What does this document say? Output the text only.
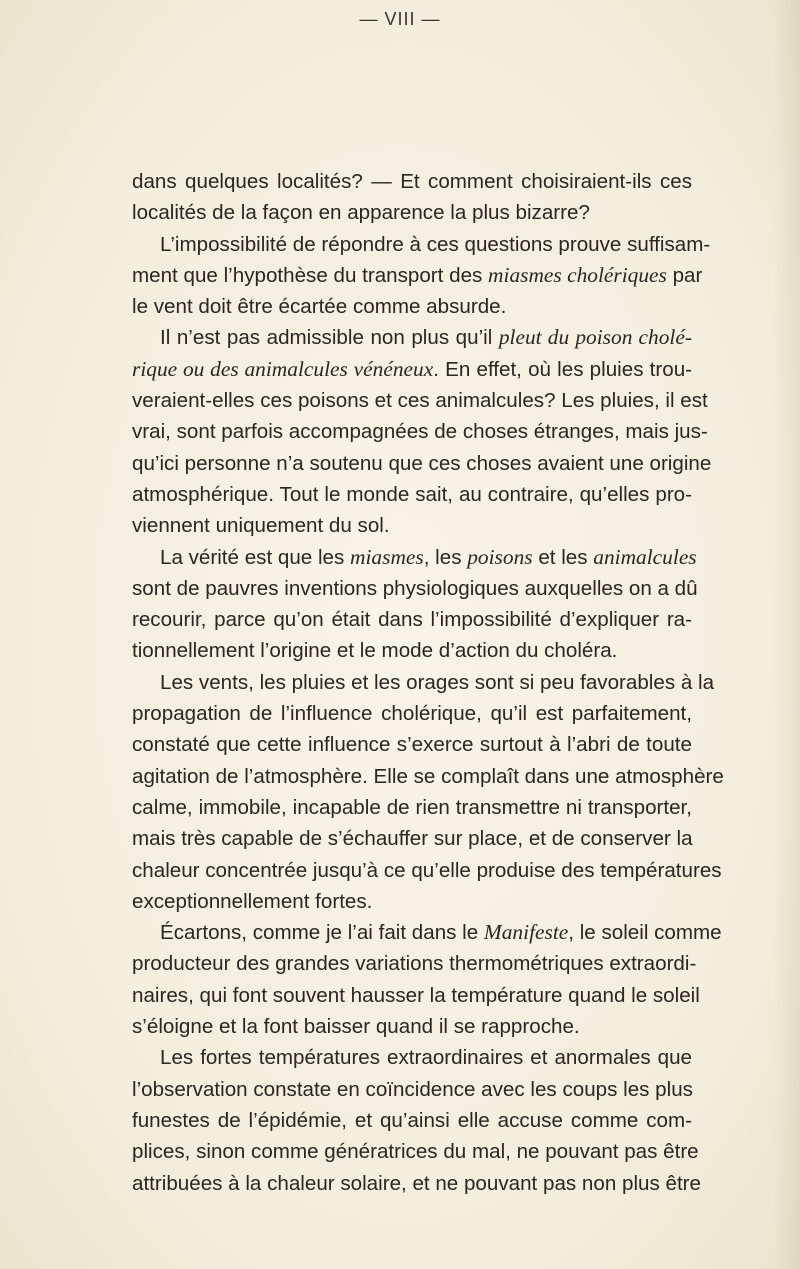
— VIII —
dans quelques localités? — Et comment choisiraient-ils ces
localités de la façon en apparence la plus bizarre?
L’impossibilité de répondre à ces questions prouve suffisam-
ment que l’hypothèse du transport des miasmes cholériques par
le vent doit être écartée comme absurde.
Il n’est pas admissible non plus qu’il pleut du poison cholé-
rique ou des animalcules vénéneux. En effet, où les pluies trou-
veraient-elles ces poisons et ces animalcules? Les pluies, il est
vrai, sont parfois accompagnées de choses étranges, mais jus-
qu’ici personne n’a soutenu que ces choses avaient une origine
atmosphérique. Tout le monde sait, au contraire, qu’elles pro-
viennent uniquement du sol.
La vérité est que les miasmes, les poisons et les animalcules
sont de pauvres inventions physiologiques auxquelles on a dû
recourir, parce qu’on était dans l’impossibilité d’expliquer ra-
tionnellement l’origine et le mode d’action du choléra.
Les vents, les pluies et les orages sont si peu favorables à la
propagation de l’influence cholérique, qu’il est parfaitement,
constaté que cette influence s’exerce surtout à l’abri de toute
agitation de l’atmosphère. Elle se complaît dans une atmosphère
calme, immobile, incapable de rien transmettre ni transporter,
mais très capable de s’échauffer sur place, et de conserver la
chaleur concentrée jusqu’à ce qu’elle produise des températures
exceptionnellement fortes.
Écartons, comme je l’ai fait dans le Manifeste, le soleil comme
producteur des grandes variations thermométriques extraordi-
naires, qui font souvent hausser la température quand le soleil
s’éloigne et la font baisser quand il se rapproche.
Les fortes températures extraordinaires et anormales que
l’observation constate en coïncidence avec les coups les plus
funestes de l’épidémie, et qu’ainsi elle accuse comme com-
plices, sinon comme génératrices du mal, ne pouvant pas être
attribuées à la chaleur solaire, et ne pouvant pas non plus être
